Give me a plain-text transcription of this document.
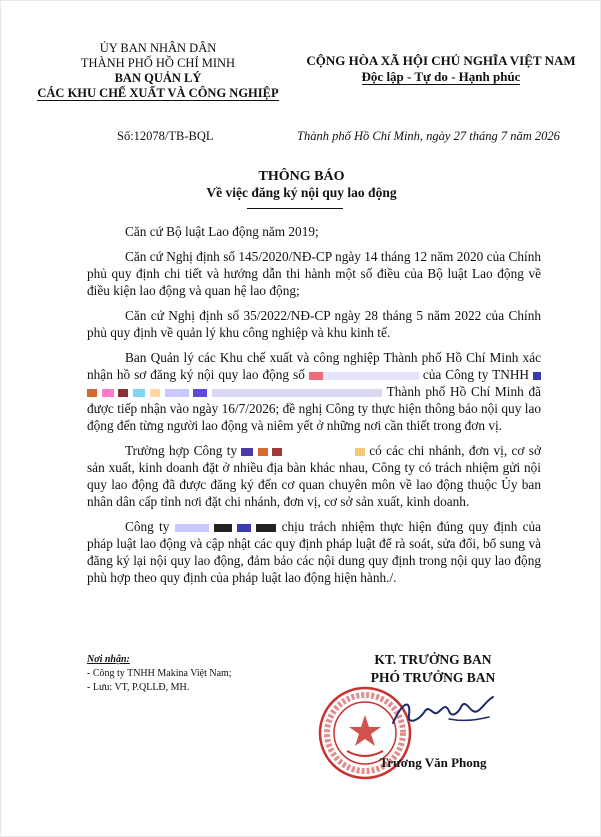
ỦY BAN NHÂN DÂN
THÀNH PHỐ HỒ CHÍ MINH
BAN QUẢN LÝ
CÁC KHU CHẾ XUẤT VÀ CÔNG NGHIỆP
CỘNG HÒA XÃ HỘI CHỦ NGHĨA VIỆT NAM
Độc lập - Tự do - Hạnh phúc
Số:12078/TB-BQL	Thành phố Hồ Chí Minh, ngày 27 tháng 7 năm 2026
THÔNG BÁO
Về việc đăng ký nội quy lao động

Căn cứ Bộ luật Lao động năm 2019;

Căn cứ Nghị định số 145/2020/NĐ-CP ngày 14 tháng 12 năm 2020 của Chính phủ quy định chi tiết và hướng dẫn thi hành một số điều của Bộ luật Lao động về điều kiện lao động và quan hệ lao động;

Căn cứ Nghị định số 35/2022/NĐ-CP ngày 28 tháng 5 năm 2022 của Chính phủ quy định về quản lý khu công nghiệp và khu kinh tế.

Ban Quản lý các Khu chế xuất và công nghiệp Thành phố Hồ Chí Minh xác nhận hồ sơ đăng ký nội quy lao động số	của Công ty TNHH          Thành phố Hồ Chí Minh đã được tiếp nhận vào ngày 16/7/2026; đề nghị Công ty thực hiện thông báo nội quy lao động đến từng người lao động và niêm yết ở những nơi cần thiết trong đơn vị.

Trường hợp Công ty	có các chi nhánh, đơn vị, cơ sở sản xuất, kinh doanh đặt ở nhiều địa bàn khác nhau, Công ty có trách nhiệm gửi nội quy lao động đã được đăng ký đến cơ quan chuyên môn về lao động thuộc Ủy ban nhân dân cấp tỉnh nơi đặt chi nhánh, đơn vị, cơ sở sản xuất, kinh doanh.

Công ty	chịu trách nhiệm thực hiện đúng quy định của pháp luật lao động và cập nhật các quy định pháp luật để rà soát, sửa đổi, bổ sung và đăng ký lại nội quy lao động, đảm bảo các nội dung quy định trong nội quy lao động phù hợp theo quy định của pháp luật lao động hiện hành./.

Nơi nhận:
- Công ty TNHH Makina Việt Nam;
- Lưu: VT, P.QLLĐ, MH.
KT. TRƯỞNG BAN
PHÓ TRƯỞNG BAN
Trương Văn Phong
